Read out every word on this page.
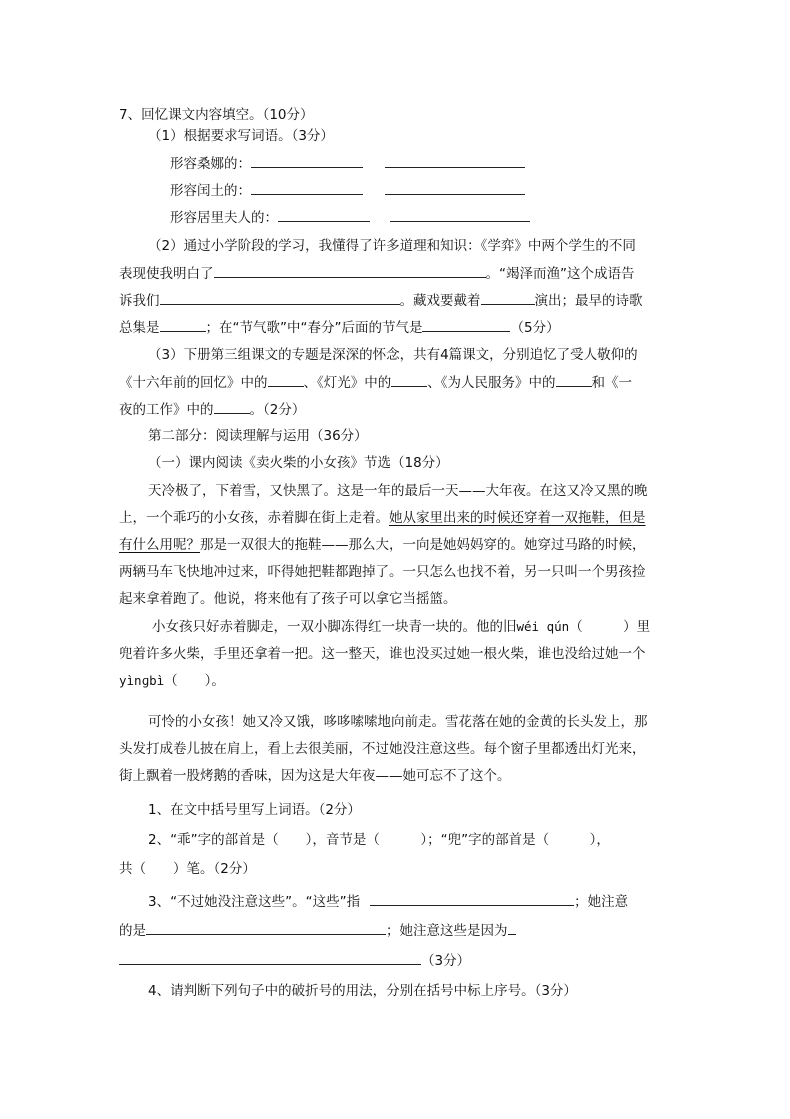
7、回忆课文内容填空。（10分）
（1）根据要求写词语。（3分）
形容桑娜的：
形容闰土的：
形容居里夫人的：
（2）通过小学阶段的学习，我懂得了许多道理和知识：《学弈》中两个学生的不同
表现使我明白了	。“竭泽而渔”这个成语告
诉我们	。藏戏要戴着	演出；最早的诗歌
总集是	；在“节气歌”中“春分”后面的节气是	（5分）
（3）下册第三组课文的专题是深深的怀念，共有4篇课文，分别追忆了受人敬仰的
《十六年前的回忆》中的	、《灯光》中的	、《为人民服务》中的	和《一
夜的工作》中的	。（2分）
第二部分：阅读理解与运用（36分）
（一）课内阅读《卖火柴的小女孩》节选（18分）
天冷极了，下着雪，又快黑了。这是一年的最后一天——大年夜。在这又冷又黑的晚
上，一个乖巧的小女孩，赤着脚在街上走着。她从家里出来的时候还穿着一双拖鞋，但是
有什么用呢？那是一双很大的拖鞋——那么大，一向是她妈妈穿的。她穿过马路的时候，
两辆马车飞快地冲过来，吓得她把鞋都跑掉了。一只怎么也找不着，另一只叫一个男孩捡
起来拿着跑了。他说，将来他有了孩子可以拿它当摇篮。
小女孩只好赤着脚走，一双小脚冻得红一块青一块的。他的旧wéi qún（　　　）里
兜着许多火柴，手里还拿着一把。这一整天，谁也没买过她一根火柴，谁也没给过她一个
yìnɡbì（　　）。
可怜的小女孩！她又冷又饿，哆哆嗦嗦地向前走。雪花落在她的金黄的长头发上，那
头发打成卷儿披在肩上，看上去很美丽，不过她没注意这些。每个窗子里都透出灯光来，
街上飘着一股烤鹅的香味，因为这是大年夜——她可忘不了这个。
1、在文中括号里写上词语。（2分）
2、“乖”字的部首是（　　），音节是（　　　）；“兜”字的部首是（　　　），
共（　　）笔。（2分）
3、“不过她没注意这些”。“这些”指	；她注意
的是	；她注意这些是因为
（3分）
4、请判断下列句子中的破折号的用法，分别在括号中标上序号。（3分）
